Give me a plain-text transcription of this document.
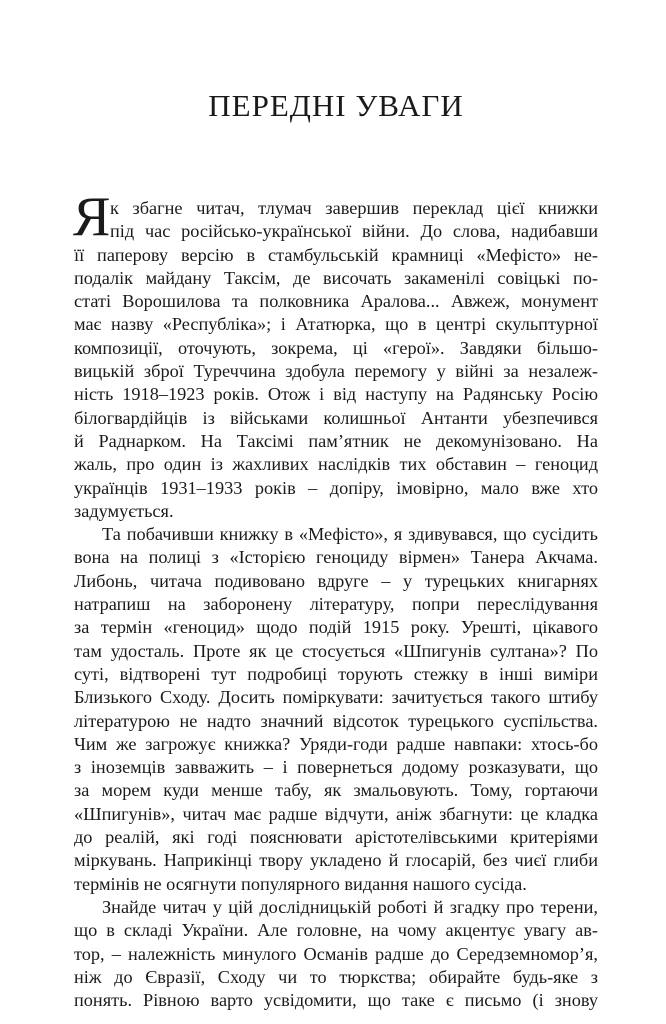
ПЕРЕДНІ УВАГИ
Я к збагне читач, тлумач завершив переклад цієї книжки
під час російсько-української війни. До слова, надибавши
її паперову версію в стамбульській крамниці «Мефісто» не-
подалік майдану Таксім, де височать закаменілі совіцькі по-
статі Ворошилова та полковника Аралова... Авжеж, монумент
має назву «Республіка»; і Ататюрка, що в центрі скульптурної
композиції, оточують, зокрема, ці «герої». Завдяки більшо-
вицькій зброї Туреччина здобула перемогу у війні за незалеж-
ність 1918–1923 років. Отож і від наступу на Радянську Росію
білогвардійців із військами колишньої Антанти убезпечився
й Раднарком. На Таксімі пам’ятник не декомунізовано. На
жаль, про один із жахливих наслідків тих обставин – геноцид
українців 1931–1933 років – допіру, імовірно, мало вже хто
задумується.
Та побачивши книжку в «Мефісто», я здивувався, що сусідить
вона на полиці з «Історією геноциду вірмен» Танера Акчама.
Либонь, читача подивовано вдруге – у турецьких книгарнях
натрапиш на заборонену літературу, попри переслідування
за термін «геноцид» щодо подій 1915 року. Урешті, цікавого
там удосталь. Проте як це стосується «Шпигунів султана»? По
суті, відтворені тут подробиці торують стежку в інші виміри
Близького Сходу. Досить поміркувати: зачитується такого штибу
літературою не надто значний відсоток турецького суспільства.
Чим же загрожує книжка? Уряди-годи радше навпаки: хтось-бо
з іноземців завважить – і повернеться додому розказувати, що
за морем куди менше табу, як змальовують. Тому, гортаючи
«Шпигунів», читач має радше відчути, аніж збагнути: це кладка
до реалій, які годі пояснювати арістотелівськими критеріями
міркувань. Наприкінці твору укладено й глосарій, без чиєї глиби
термінів не осягнути популярного видання нашого сусіда.
Знайде читач у цій дослідницькій роботі й згадку про терени,
що в складі України. Але головне, на чому акцентує увагу ав-
тор, – належність минулого Османів радше до Середземномор’я,
ніж до Євразії, Сходу чи то тюркства; обирайте будь-яке з
понять. Рівною варто усвідомити, що таке є письмо (і знову
